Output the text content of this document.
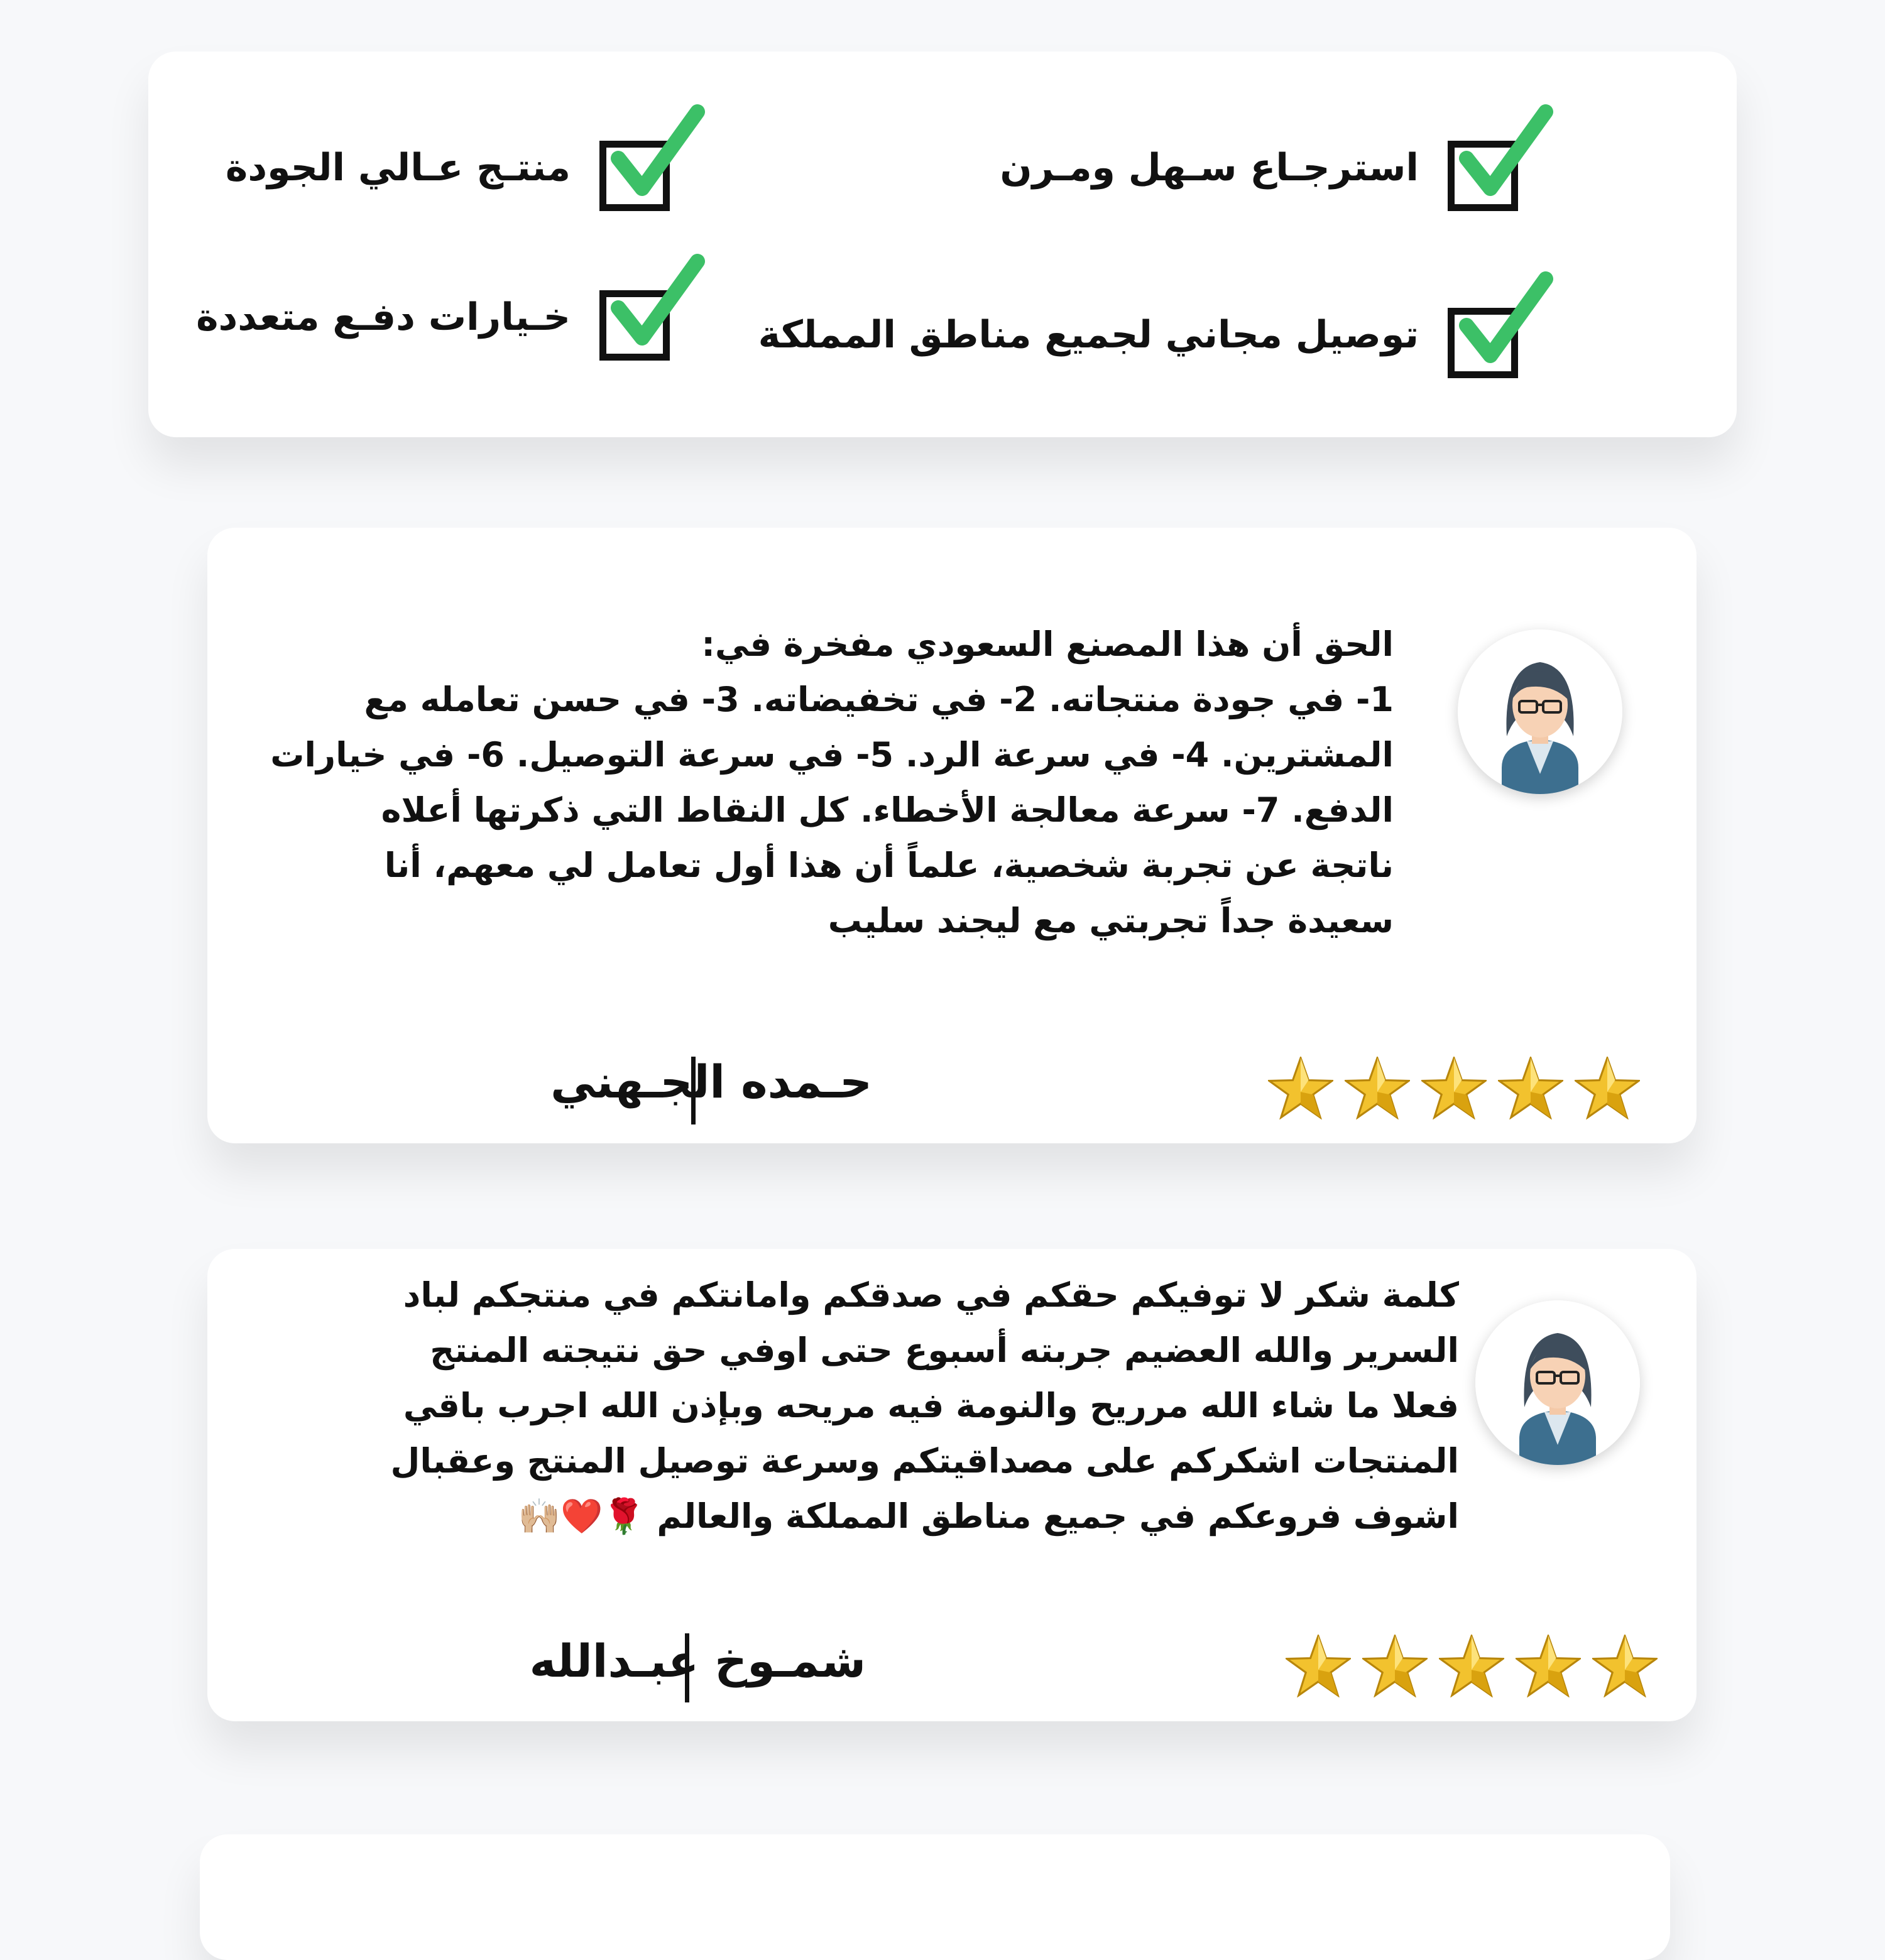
استرجـاع سـهل ومـرن
منتـج عـالي الجودة
توصيل مجاني لجميع مناطق المملكة
خـيارات دفـع متعددة
الحق أن هذا المصنع السعودي مفخرة في:
1- في جودة منتجاته. 2- في تخفيضاته. 3- في حسن تعامله مع
المشترين. 4- في سرعة الرد. 5- في سرعة التوصيل. 6- في خيارات
الدفع. 7- سرعة معالجة الأخطاء. كل النقاط التي ذكرتها أعلاه
ناتجة عن تجربة شخصية، علماً أن هذا أول تعامل لي معهم، أنا
سعيدة جداً تجربتي مع ليجند سليب
حـمده الجـهني
كلمة شكر لا توفيكم حقكم في صدقكم وامانتكم في منتجكم لباد
السرير والله العضيم جربته أسبوع حتى اوفي حق نتيجته المنتج
فعلا ما شاء الله مرريح والنومة فيه مريحه وبإذن الله اجرب باقي
المنتجات اشكركم على مصداقيتكم وسرعة توصيل المنتج وعقبال
اشوف فروعكم في جميع مناطق المملكة والعالم 🌹❤️🙌🏼
شمـوخ عبـدالله
